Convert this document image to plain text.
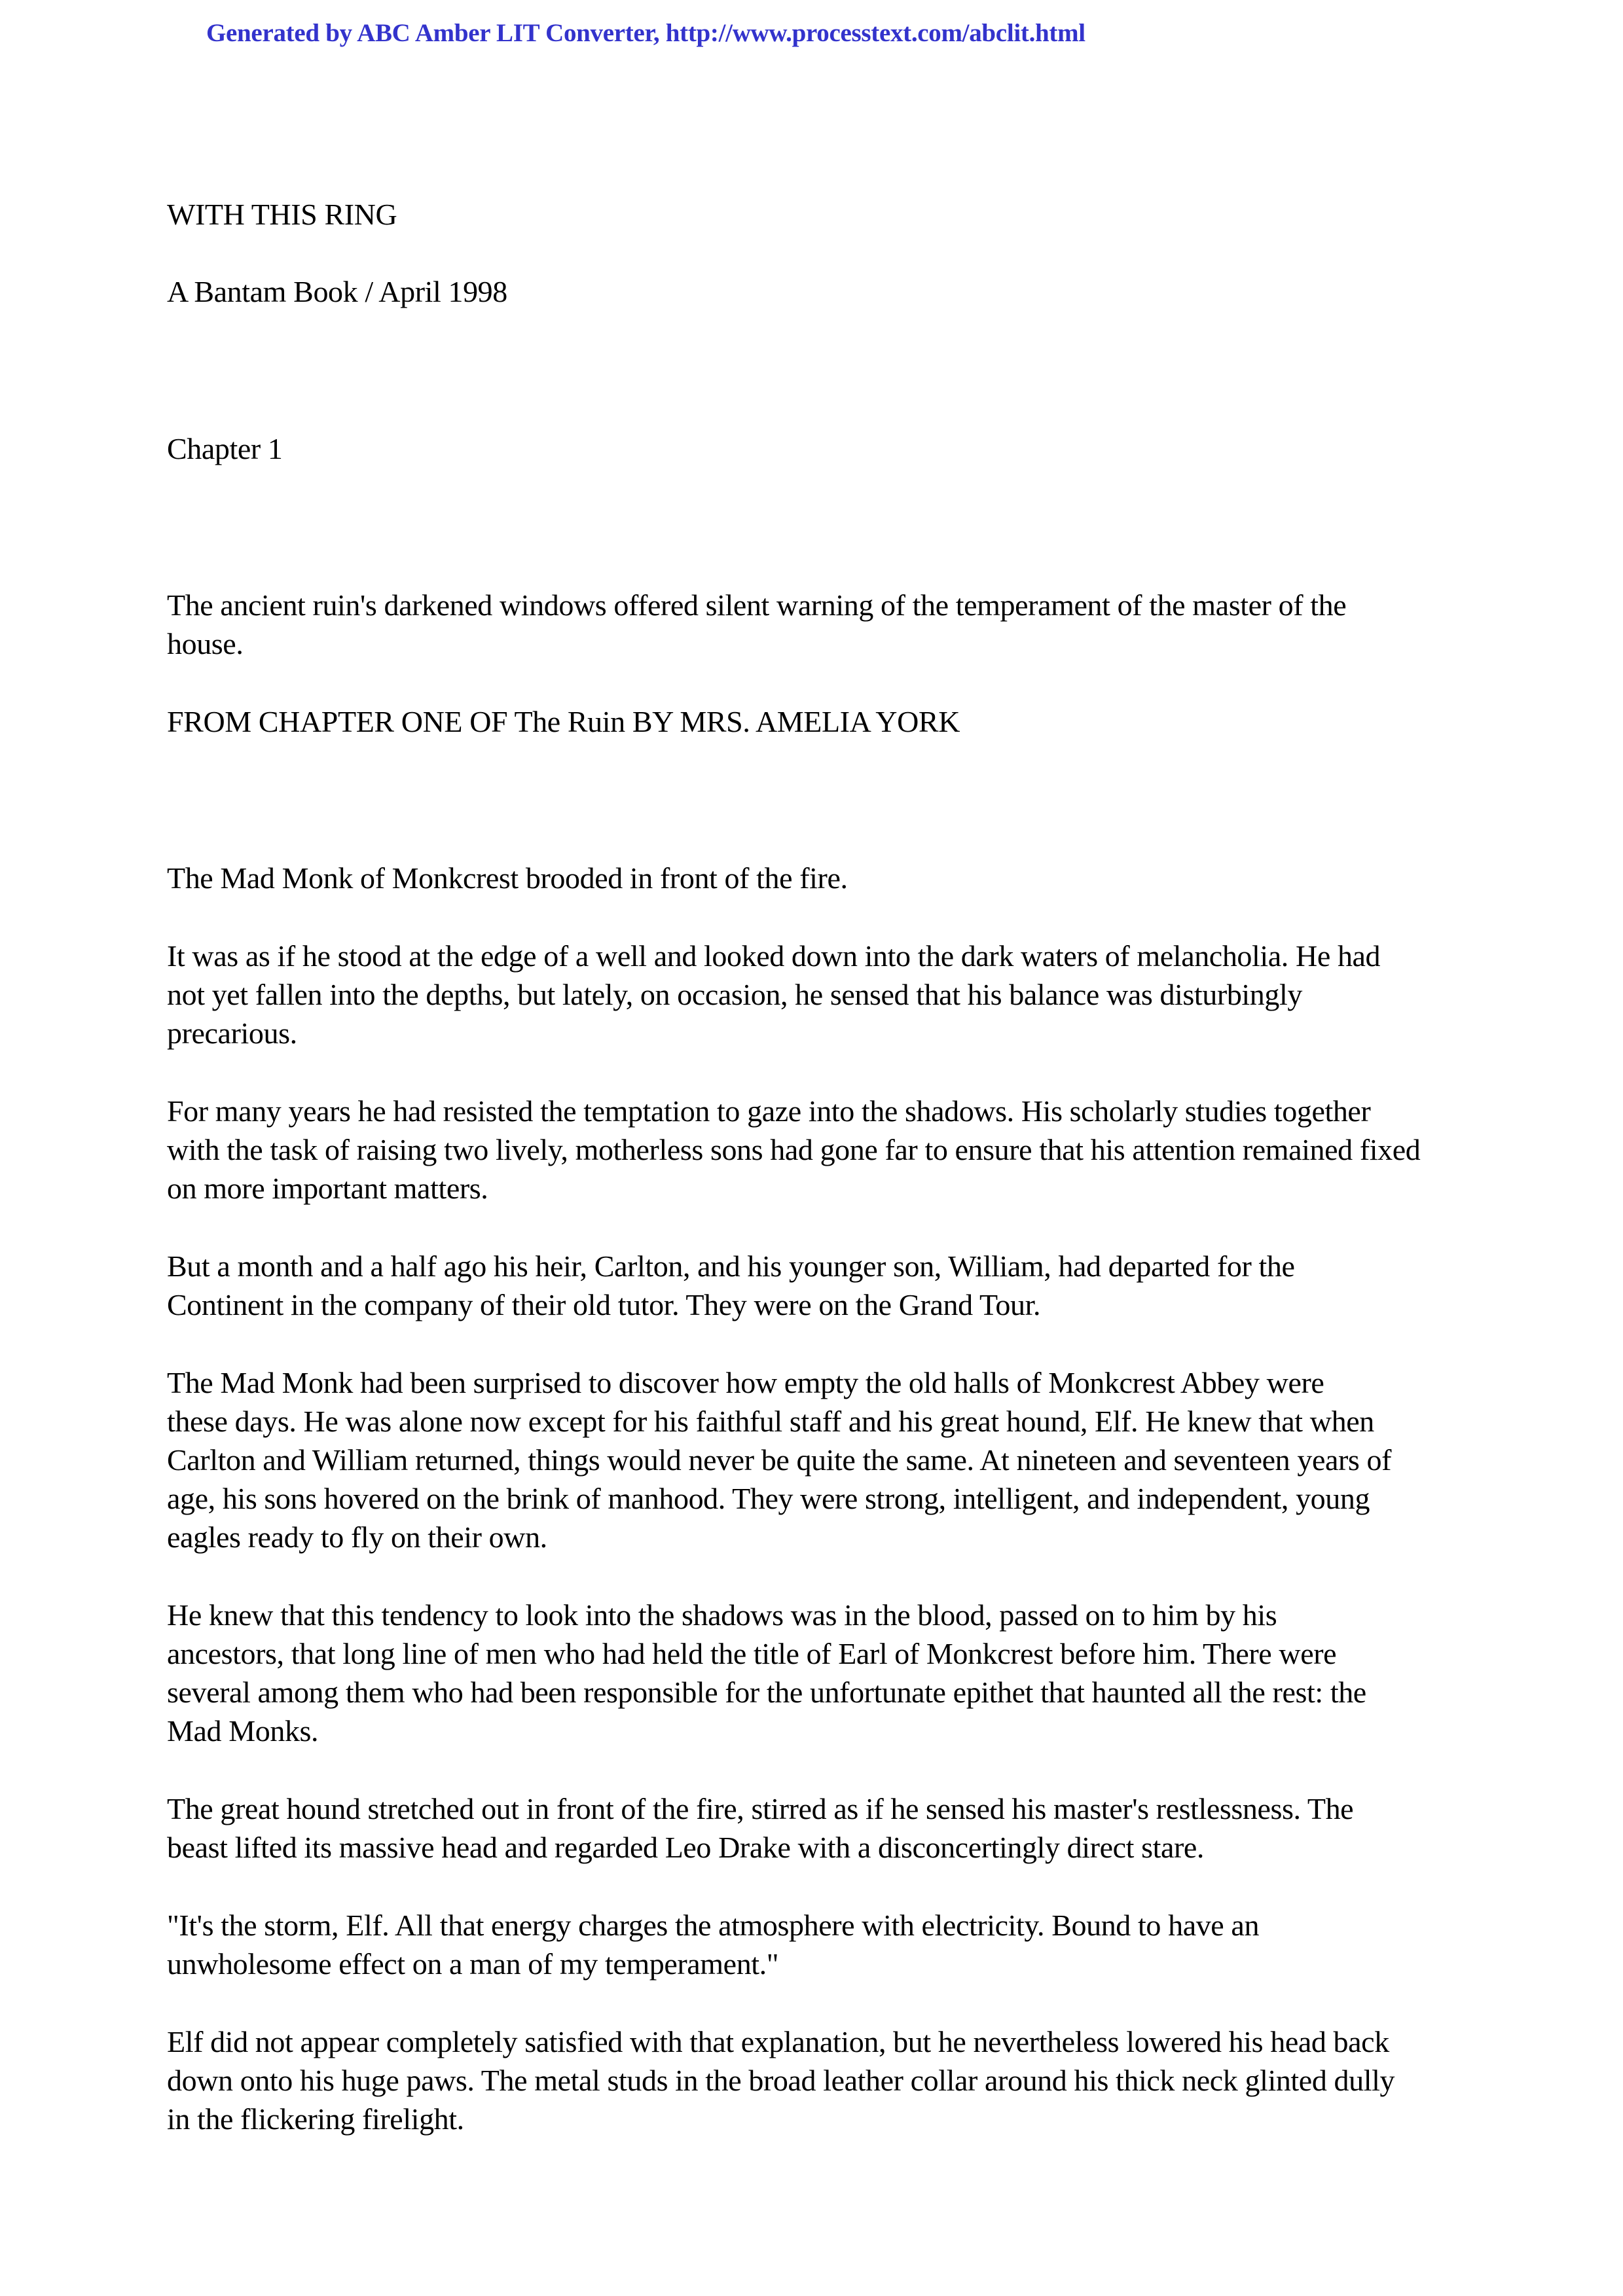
Generated by ABC Amber LIT Converter, http://www.processtext.com/abclit.html
WITH THIS RING
A Bantam Book / April 1998
Chapter 1
The ancient ruin's darkened windows offered silent warning of the temperament of the master of the
house.
FROM CHAPTER ONE OF The Ruin BY MRS. AMELIA YORK
The Mad Monk of Monkcrest brooded in front of the fire.
It was as if he stood at the edge of a well and looked down into the dark waters of melancholia. He had
not yet fallen into the depths, but lately, on occasion, he sensed that his balance was disturbingly
precarious.
For many years he had resisted the temptation to gaze into the shadows. His scholarly studies together
with the task of raising two lively, motherless sons had gone far to ensure that his attention remained fixed
on more important matters.
But a month and a half ago his heir, Carlton, and his younger son, William, had departed for the
Continent in the company of their old tutor. They were on the Grand Tour.
The Mad Monk had been surprised to discover how empty the old halls of Monkcrest Abbey were
these days. He was alone now except for his faithful staff and his great hound, Elf. He knew that when
Carlton and William returned, things would never be quite the same. At nineteen and seventeen years of
age, his sons hovered on the brink of manhood. They were strong, intelligent, and independent, young
eagles ready to fly on their own.
He knew that this tendency to look into the shadows was in the blood, passed on to him by his
ancestors, that long line of men who had held the title of Earl of Monkcrest before him. There were
several among them who had been responsible for the unfortunate epithet that haunted all the rest: the
Mad Monks.
The great hound stretched out in front of the fire, stirred as if he sensed his master's restlessness. The
beast lifted its massive head and regarded Leo Drake with a disconcertingly direct stare.
"It's the storm, Elf. All that energy charges the atmosphere with electricity. Bound to have an
unwholesome effect on a man of my temperament."
Elf did not appear completely satisfied with that explanation, but he nevertheless lowered his head back
down onto his huge paws. The metal studs in the broad leather collar around his thick neck glinted dully
in the flickering firelight.
